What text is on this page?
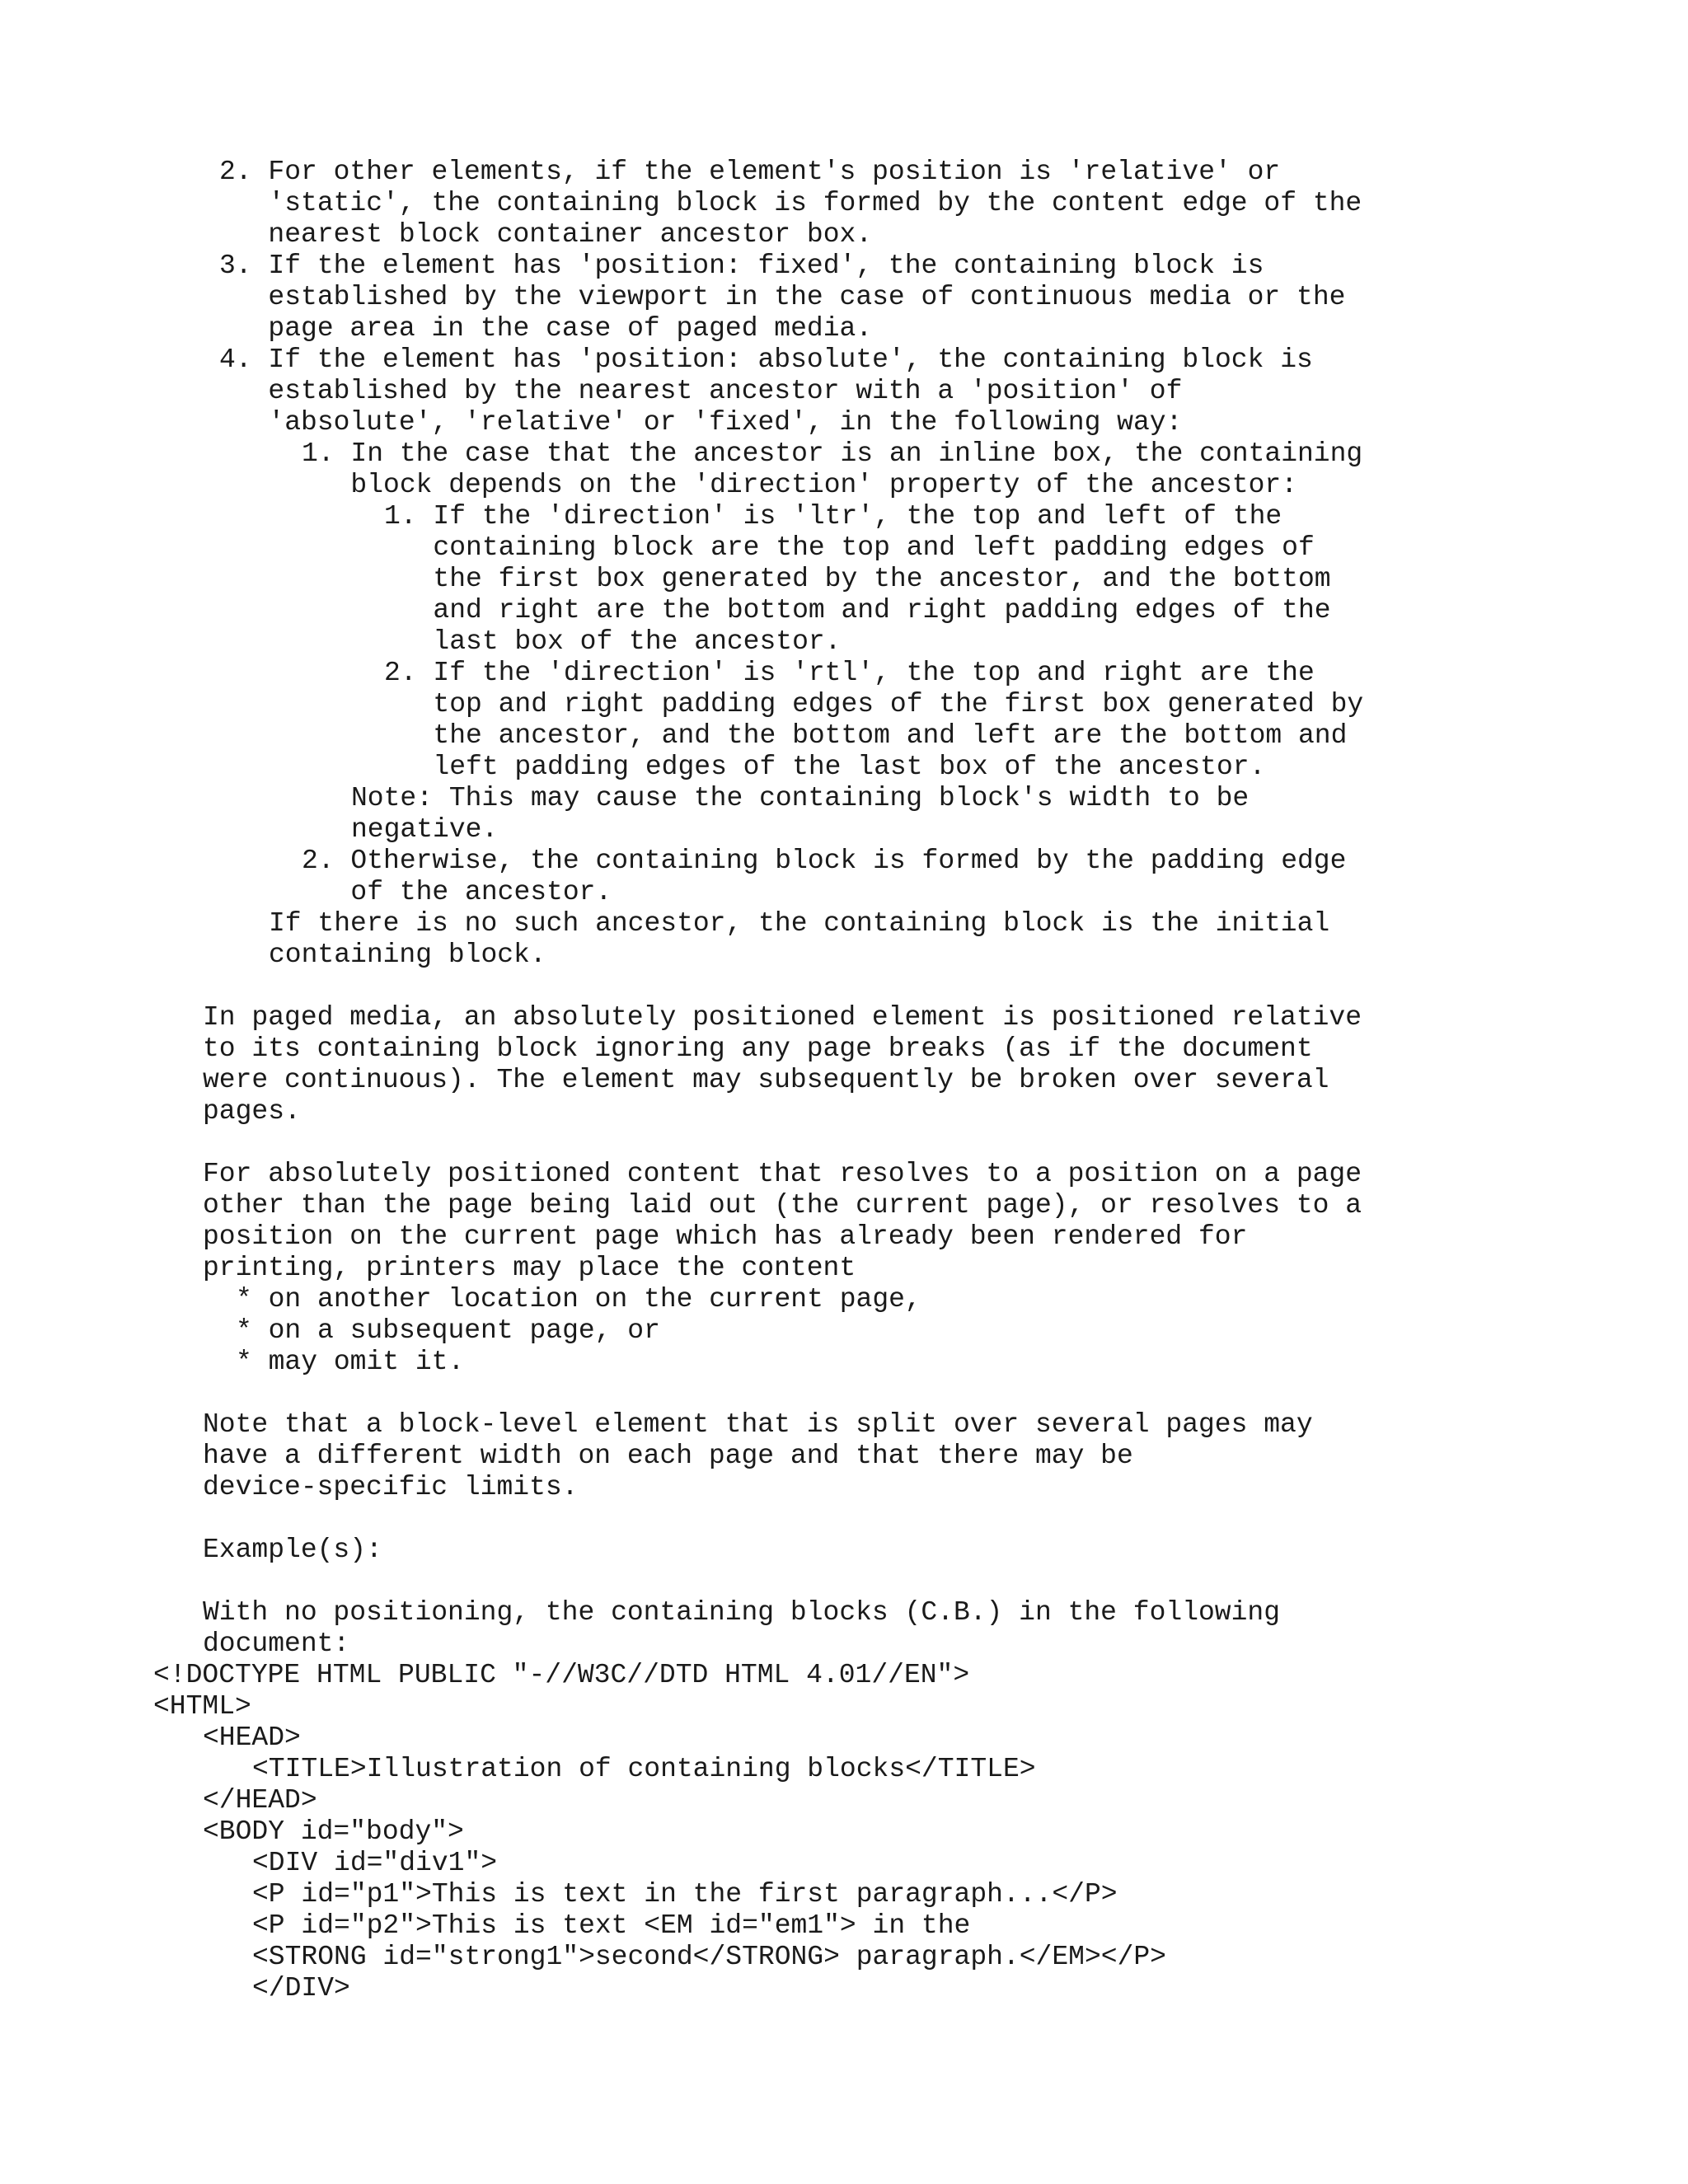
2. For other elements, if the element's position is 'relative' or
'static', the containing block is formed by the content edge of the
nearest block container ancestor box.
3. If the element has 'position: fixed', the containing block is
established by the viewport in the case of continuous media or the
page area in the case of paged media.
4. If the element has 'position: absolute', the containing block is
established by the nearest ancestor with a 'position' of
'absolute', 'relative' or 'fixed', in the following way:
1. In the case that the ancestor is an inline box, the containing
block depends on the 'direction' property of the ancestor:
1. If the 'direction' is 'ltr', the top and left of the
containing block are the top and left padding edges of
the first box generated by the ancestor, and the bottom
and right are the bottom and right padding edges of the
last box of the ancestor.
2. If the 'direction' is 'rtl', the top and right are the
top and right padding edges of the first box generated by
the ancestor, and the bottom and left are the bottom and
left padding edges of the last box of the ancestor.
Note: This may cause the containing block's width to be
negative.
2. Otherwise, the containing block is formed by the padding edge
of the ancestor.
If there is no such ancestor, the containing block is the initial
containing block.
In paged media, an absolutely positioned element is positioned relative
to its containing block ignoring any page breaks (as if the document
were continuous). The element may subsequently be broken over several
pages.
For absolutely positioned content that resolves to a position on a page
other than the page being laid out (the current page), or resolves to a
position on the current page which has already been rendered for
printing, printers may place the content
* on another location on the current page,
* on a subsequent page, or
* may omit it.
Note that a block-level element that is split over several pages may
have a different width on each page and that there may be
device-specific limits.
Example(s):
With no positioning, the containing blocks (C.B.) in the following
document:
<!DOCTYPE HTML PUBLIC "-//W3C//DTD HTML 4.01//EN">
<HTML>
<HEAD>
<TITLE>Illustration of containing blocks</TITLE>
</HEAD>
<BODY id="body">
<DIV id="div1">
<P id="p1">This is text in the first paragraph...</P>
<P id="p2">This is text <EM id="em1"> in the
<STRONG id="strong1">second</STRONG> paragraph.</EM></P>
</DIV>
